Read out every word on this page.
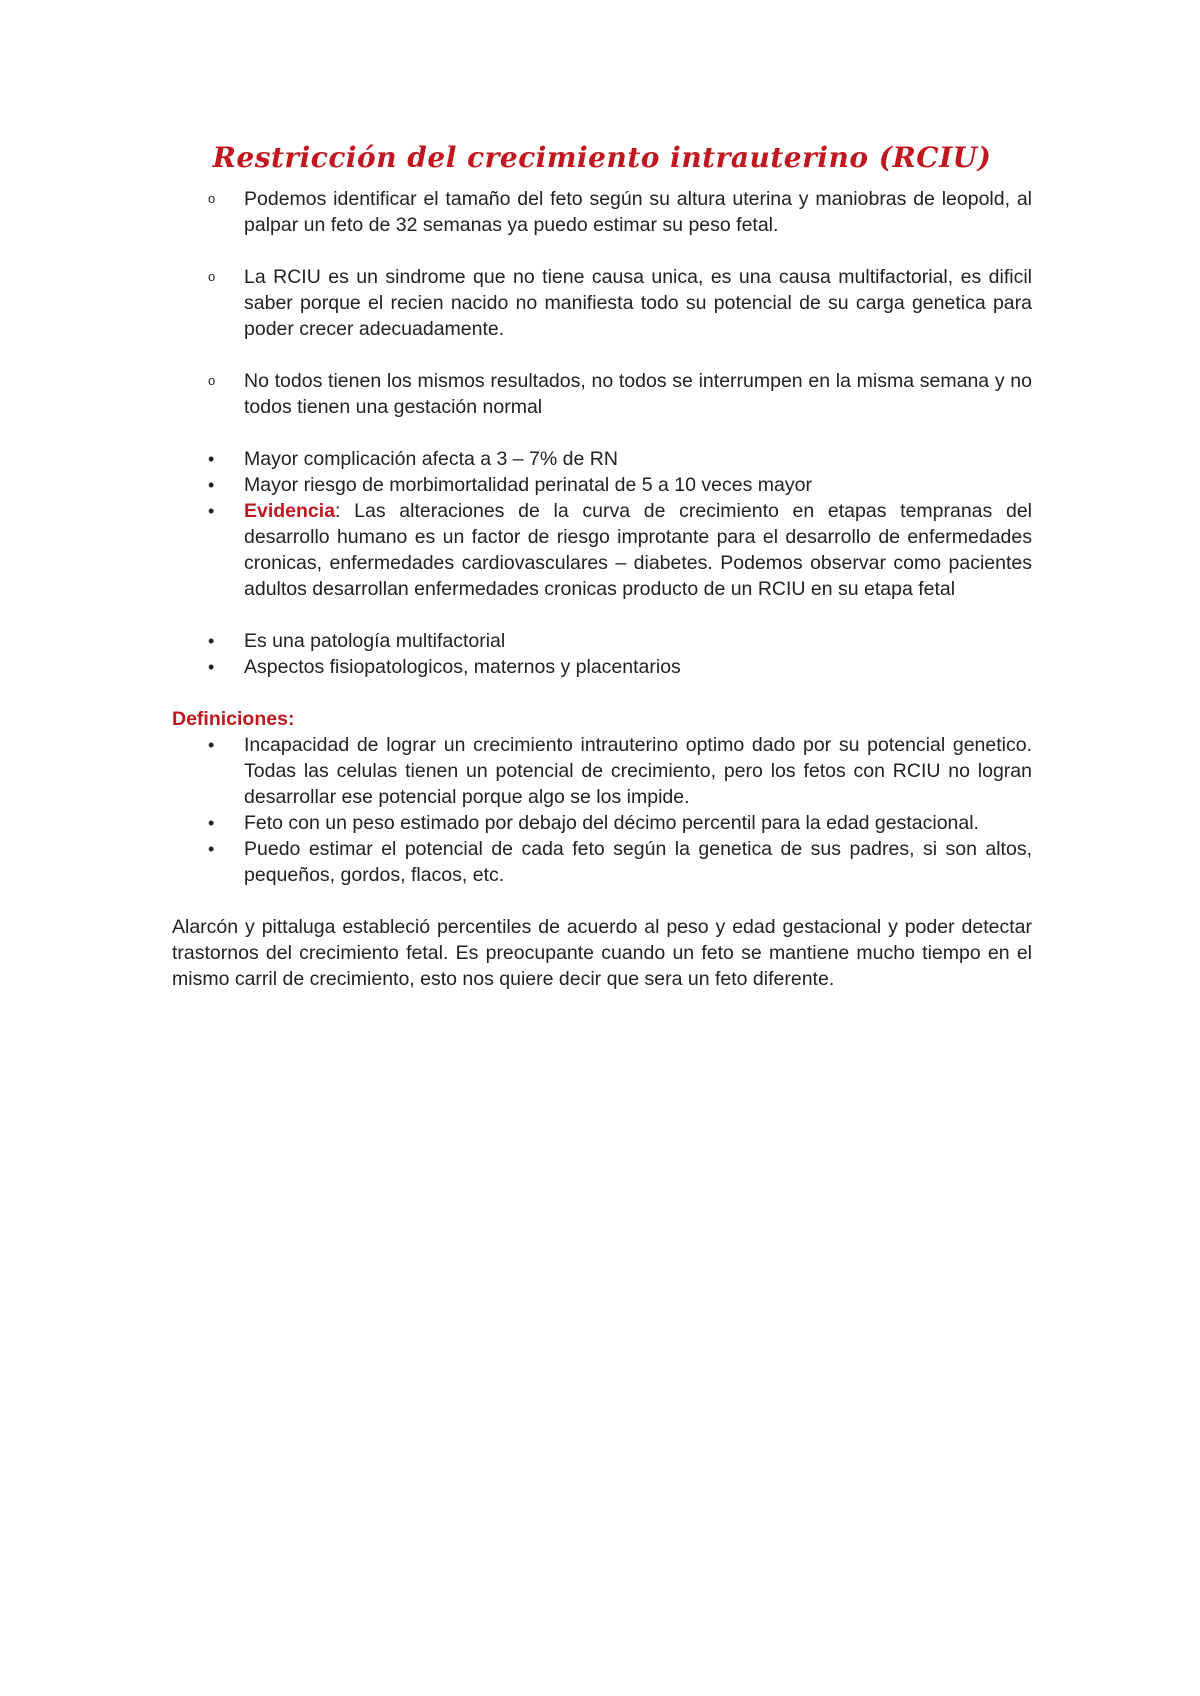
Restricción del crecimiento intrauterino (RCIU)
o	Podemos identificar el tamaño del feto según su altura uterina y maniobras de leopold, al palpar un feto de 32 semanas ya puedo estimar su peso fetal.
o	La RCIU es un sindrome que no tiene causa unica, es una causa multifactorial, es dificil saber porque el recien nacido no manifiesta todo su potencial de su carga genetica para poder crecer adecuadamente.
o	No todos tienen los mismos resultados, no todos se interrumpen en la misma semana y no todos tienen una gestación normal
•	Mayor complicación afecta a 3 – 7% de RN
•	Mayor riesgo de morbimortalidad perinatal de 5 a 10 veces mayor
•	Evidencia: Las alteraciones de la curva de crecimiento en etapas tempranas del desarrollo humano es un factor de riesgo improtante para el desarrollo de enfermedades cronicas, enfermedades cardiovasculares – diabetes. Podemos observar como pacientes adultos desarrollan enfermedades cronicas producto de un RCIU en su etapa fetal
•	Es una patología multifactorial
•	Aspectos fisiopatologicos, maternos y placentarios

Definiciones:

•	Incapacidad de lograr un crecimiento intrauterino optimo dado por su potencial genetico. Todas las celulas tienen un potencial de crecimiento, pero los fetos con RCIU no logran desarrollar ese potencial porque algo se los impide.
•	Feto con un peso estimado por debajo del décimo percentil para la edad gestacional.
•	Puedo estimar el potencial de cada feto según la genetica de sus padres, si son altos, pequeños, gordos, flacos, etc.

Alarcón y pittaluga estableció percentiles de acuerdo al peso y edad gestacional y poder detectar trastornos del crecimiento fetal. Es preocupante cuando un feto se mantiene mucho tiempo en el mismo carril de crecimiento, esto nos quiere decir que sera un feto diferente.
